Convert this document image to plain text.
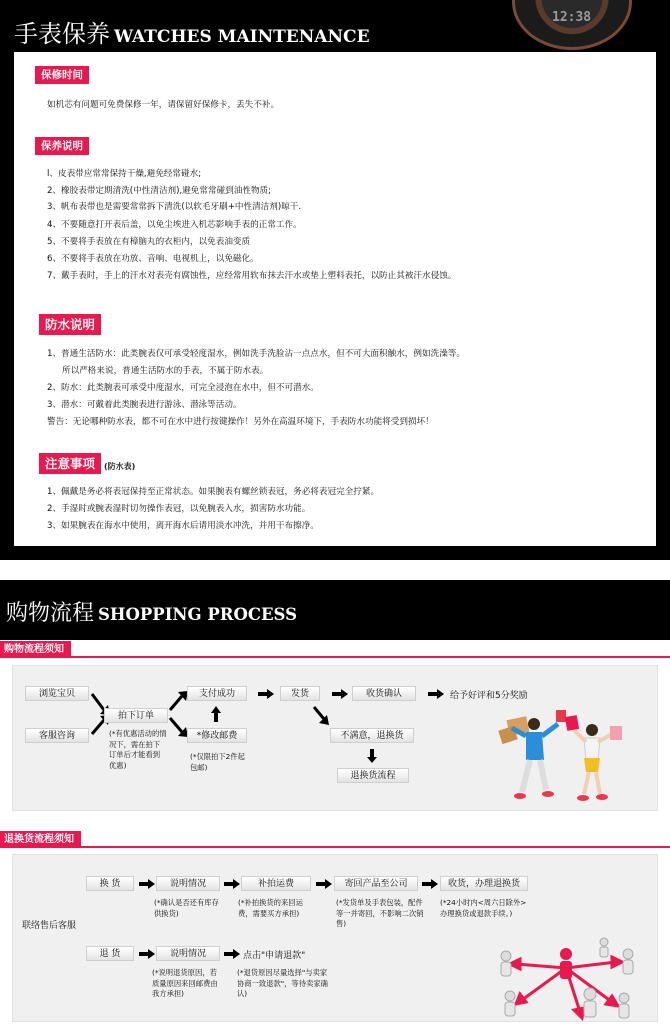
手表保养 WATCHES MAINTENANCE
12:38
保修时间
如机芯有问题可免费保修一年，请保留好保修卡，丢失不补。
保养说明
l、皮表带应常常保持干燥,避免经常碰水;
2、橡胶表带定期清洗(中性清洁剂),避免常常碰到油性物质;
3、帆布表带也是需要常常拆下清洗(以软毛牙刷+中性清洁剂)晾干.
4、不要随意打开表后盖，以免尘埃进入机芯影响手表的正常工作。
5、不要将手表放在有樟脑丸的衣柜内，以免表油变质
6、不要将手表放在功放、音响、电视机上，以免磁化。
7、戴手表时，手上的汗水对表壳有腐蚀性，应经常用软布抹去汗水或垫上塑料表托，以防止其被汗水侵蚀。
防水说明
1、普通生活防水：此类腕表仅可承受轻度湿水，例如洗手洗脸沾一点点水，但不可大面积触水，例如洗澡等。
所以严格来说，普通生活防水的手表，不属于防水表。
2、防水：此类腕表可承受中度湿水，可完全浸泡在水中，但不可潜水。
3、潜水：可戴着此类腕表进行游泳、潜泳等活动。
警告：无论哪种防水表，都不可在水中进行按键操作！另外在高温环境下，手表防水功能将受到损坏！
注意事项	(防水表)
1、佩戴是务必将表冠保持至正常状态。如果腕表有螺丝锁表冠，务必将表冠完全拧紧。
2、手湿时或腕表湿时切勿操作表冠，以免腕表入水，损害防水功能。
3、如果腕表在海水中使用，离开海水后请用淡水冲洗，并用干布擦净。
购物流程 SHOPPING PROCESS
购物流程须知
浏览宝贝
客服咨询
拍下订单
(*有优惠活动的情况下，需在拍下订单后才能看到优惠)
支付成功
*修改邮费
(*仅限拍下2件起包邮)
发货	收货确认	给予好评和5分奖励
不满意，退换货
退换货流程
退换货流程须知
联络售后客服
换 货	说明情况
(*确认是否还有库存供换货)
补拍运费
(*补拍换货的来回运费，需要买方承担)
寄回产品至公司
(*发货单及手表包装，配件等一并寄回，不影响二次销售)
收货，办理退换货
(*24小时内<周六日除外>办理换货或退款手续。)
退 货	说明情况
(*说明退货原因，若质量原因来回邮费由我方承担)
点击"申请退款"
(*退货原因尽量选择"与卖家协商一致退款"，等待卖家确认)
